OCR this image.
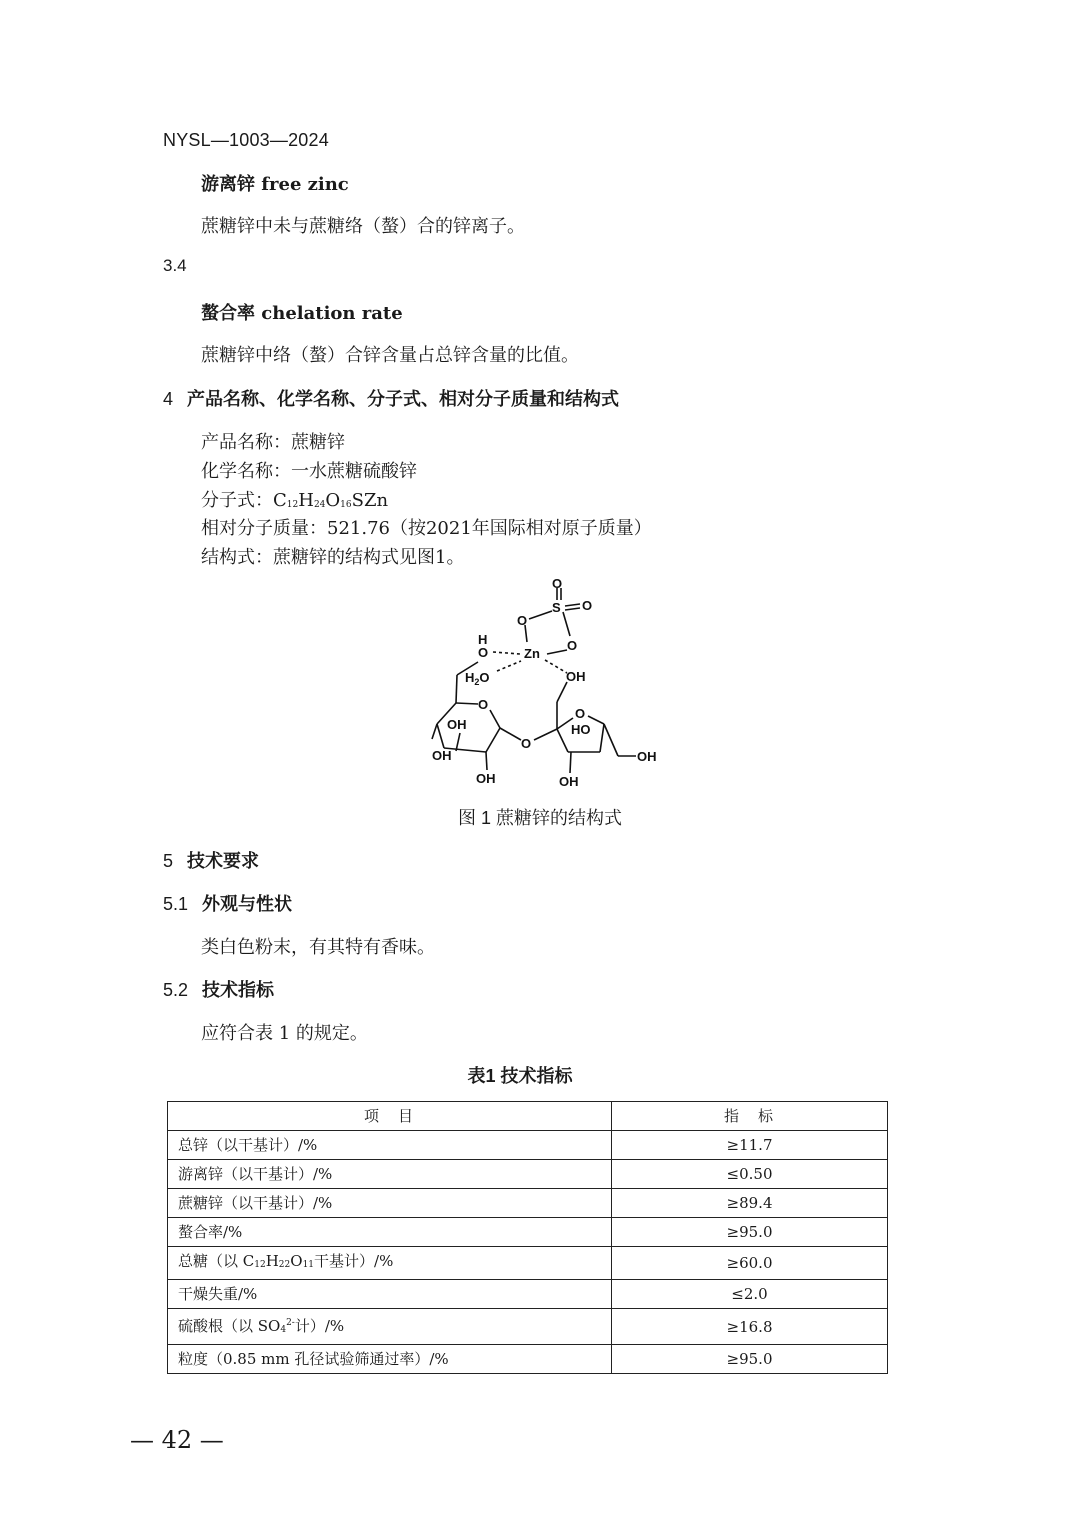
NYSL—1003—2024
游离锌 free zinc
蔗糖锌中未与蔗糖络（螯）合的锌离子。
3.4
螯合率 chelation rate
蔗糖锌中络（螯）合锌含量占总锌含量的比值。
4 产品名称、化学名称、分子式、相对分子质量和结构式
产品名称：蔗糖锌
化学名称：一水蔗糖硫酸锌
分子式：$C_{12}H_{24}O_{16}SZn$
相对分子质量：521.76（按2021年国际相对原子质量）
结构式：蔗糖锌的结构式见图1。
O
S O
O
O
H
O	Zn
$H_2O$	OH
O
OH
OH
OH
O
O
HO
OH
OH
图 1 蔗糖锌的结构式
5 技术要求
5.1 外观与性状
类白色粉末，有其特有香味。
5.2 技术指标
应符合表 1 的规定。
表1 技术指标
项　目	指　标
总锌（以干基计）/%	≥11.7
游离锌（以干基计）/%	≤0.50
蔗糖锌（以干基计）/%	≥89.4
螯合率/%	≥95.0
总糖（以 $C_{12}H_{22}O_{11}$干基计）/%	≥60.0
干燥失重/%	≤2.0
硫酸根（以 $SO_4^{2-}$计）/%	≥16.8
粒度（0.85 mm 孔径试验筛通过率）/%	≥95.0
— 42 —
